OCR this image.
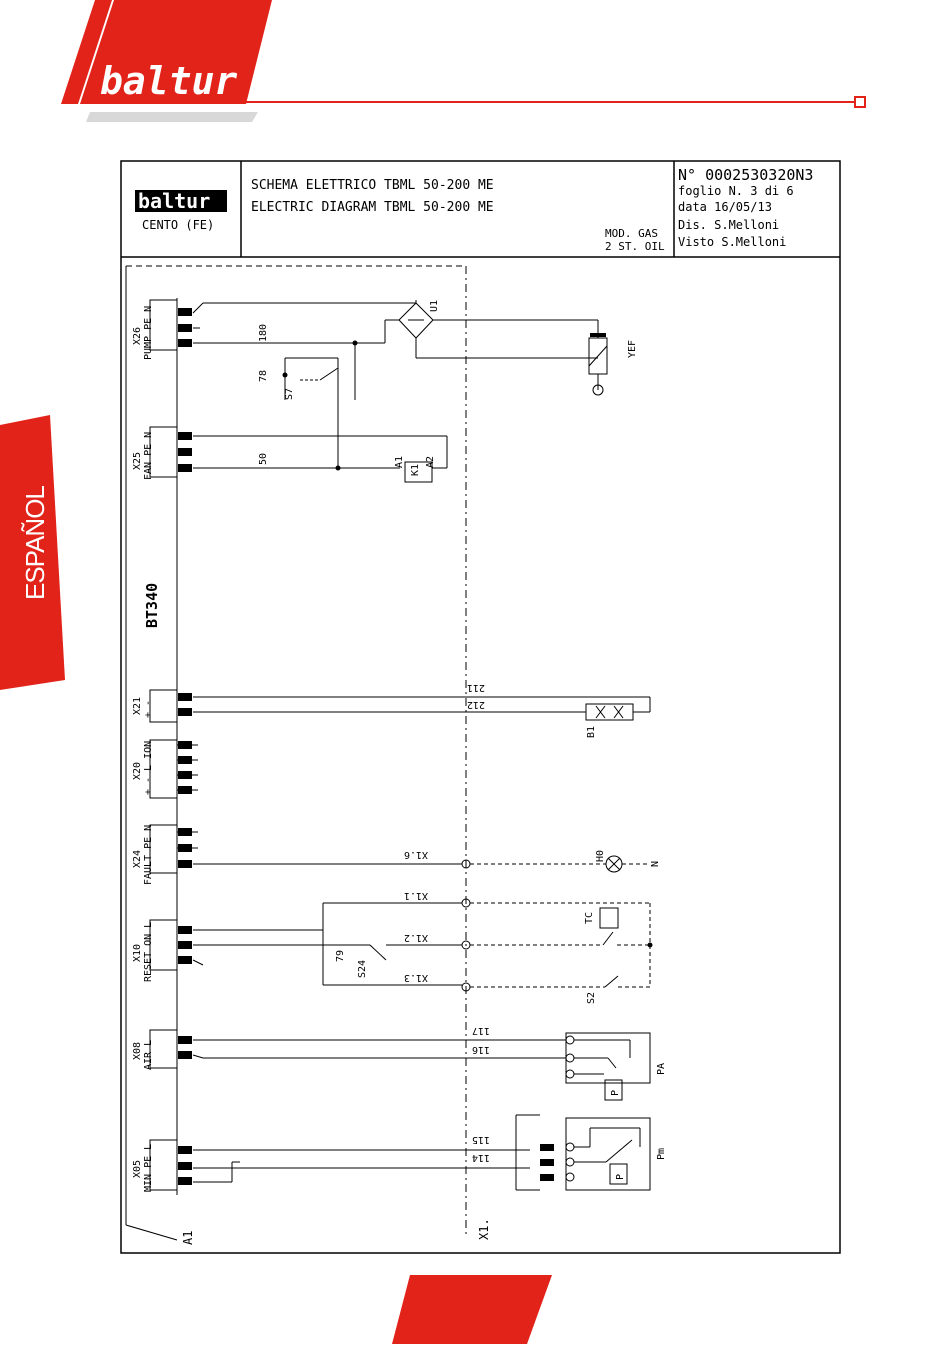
baltur
baltur
X26 PUMP PE N
X25 FAN PE N
X21 + -
X20 + - L ION
X24 FAULT PE N
X10 RESET ON L
X08 AIR L
X05 MIN PE L
BT340
A1	X1.
180
78
50
211
212
117
116
115
114
79
X1.6
X1.1
X1.2
X1.3
U1
YEF
S7
K1
A1 A2
B1
H0
N
TC
S24
S2
PA
Pm
P
P
ESPAÑOL
CENTO (FE)
SCHEMA ELETTRICO TBML 50-200 ME
ELECTRIC DIAGRAM TBML 50-200 ME
MOD. GAS
2 ST. OIL
N° 0002530320N3
foglio N. 3 di 6
data 16/05/13
Dis. S.Melloni
Visto S.Melloni
